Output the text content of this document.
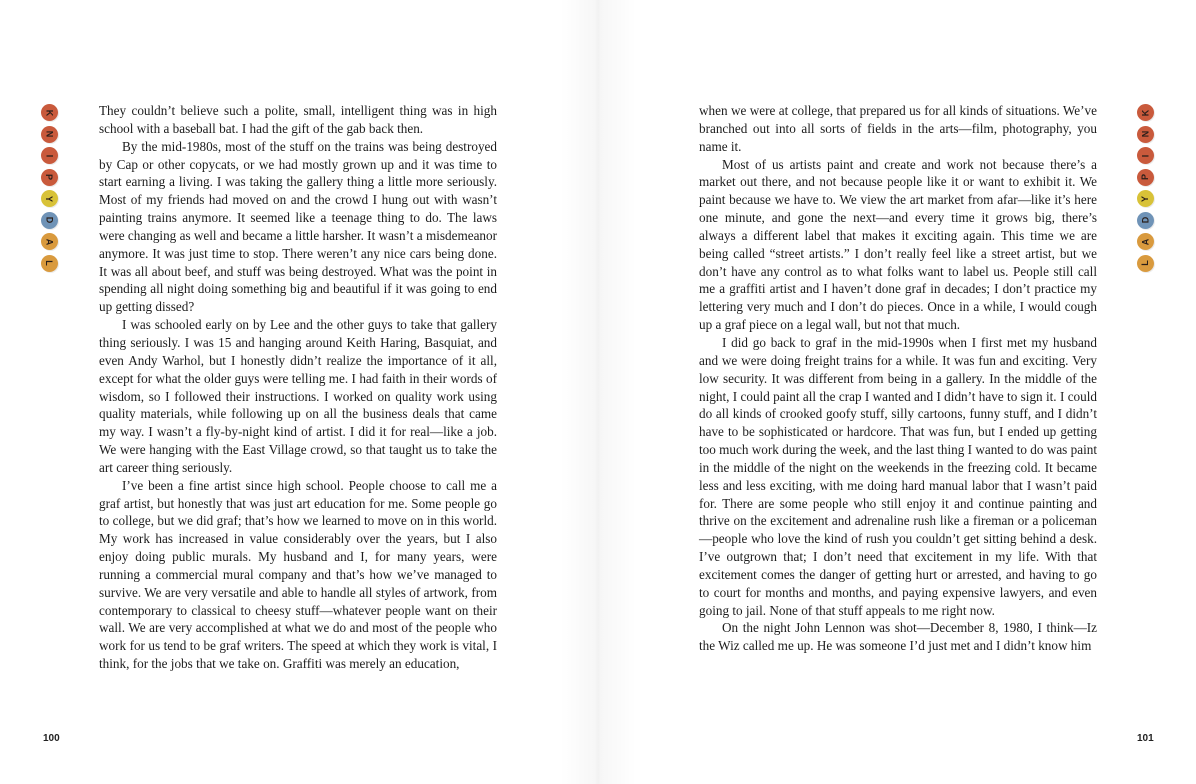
K
N
I
P
Y
D
A
L

They couldn’t believe such a polite, small, intelligent thing was in high school with a baseball bat. I had the gift of the gab back then.

By the mid-1980s, most of the stuff on the trains was being destroyed by Cap or other copycats, or we had mostly grown up and it was time to start earning a living. I was taking the gallery thing a little more seriously. Most of my friends had moved on and the crowd I hung out with wasn’t painting trains anymore. It seemed like a teenage thing to do. The laws were changing as well and became a little harsher. It wasn’t a misdemeanor anymore. It was just time to stop. There weren’t any nice cars being done. It was all about beef, and stuff was being destroyed. What was the point in spending all night doing something big and beautiful if it was going to end up getting dissed?

I was schooled early on by Lee and the other guys to take that gallery thing seriously. I was 15 and hanging around Keith Haring, Basquiat, and even Andy Warhol, but I honestly didn’t realize the importance of it all, except for what the older guys were telling me. I had faith in their words of wisdom, so I followed their instructions. I worked on quality work using quality materials, while following up on all the business deals that came my way. I wasn’t a fly-by-night kind of artist. I did it for real—like a job. We were hanging with the East Village crowd, so that taught us to take the art career thing seriously.

I’ve been a fine artist since high school. People choose to call me a graf artist, but honestly that was just art education for me. Some people go to college, but we did graf; that’s how we learned to move on in this world. My work has increased in value considerably over the years, but I also enjoy doing public murals. My husband and I, for many years, were running a commercial mural company and that’s how we’ve managed to survive. We are very versatile and able to handle all styles of artwork, from contemporary to classical to cheesy stuff—whatever people want on their wall. We are very accomplished at what we do and most of the people who work for us tend to be graf writers. The speed at which they work is vital, I think, for the jobs that we take on. Graffiti was merely an education,

100
K
N
I
P
Y
D
A
L

when we were at college, that prepared us for all kinds of situations. We’ve branched out into all sorts of fields in the arts—film, photography, you name it.

Most of us artists paint and create and work not because there’s a market out there, and not because people like it or want to exhibit it. We paint because we have to. We view the art market from afar—like it’s here one minute, and gone the next—and every time it grows big, there’s always a different label that makes it exciting again. This time we are being called “street artists.” I don’t really feel like a street artist, but we don’t have any control as to what folks want to label us. People still call me a graffiti artist and I haven’t done graf in decades; I don’t practice my lettering very much and I don’t do pieces. Once in a while, I would cough up a graf piece on a legal wall, but not that much.

I did go back to graf in the mid-1990s when I first met my husband and we were doing freight trains for a while. It was fun and exciting. Very low security. It was different from being in a gallery. In the middle of the night, I could paint all the crap I wanted and I didn’t have to sign it. I could do all kinds of crooked goofy stuff, silly cartoons, funny stuff, and I didn’t have to be sophisticated or hardcore. That was fun, but I ended up getting too much work during the week, and the last thing I wanted to do was paint in the middle of the night on the weekends in the freezing cold. It became less and less exciting, with me doing hard manual labor that I wasn’t paid for. There are some people who still enjoy it and continue painting and thrive on the excitement and adrenaline rush like a fireman or a policeman—people who love the kind of rush you couldn’t get sitting behind a desk. I’ve outgrown that; I don’t need that excitement in my life. With that excitement comes the danger of getting hurt or arrested, and having to go to court for months and months, and paying expensive lawyers, and even going to jail. None of that stuff appeals to me right now.

On the night John Lennon was shot—December 8, 1980, I think—Iz the Wiz called me up. He was someone I’d just met and I didn’t know him

101
